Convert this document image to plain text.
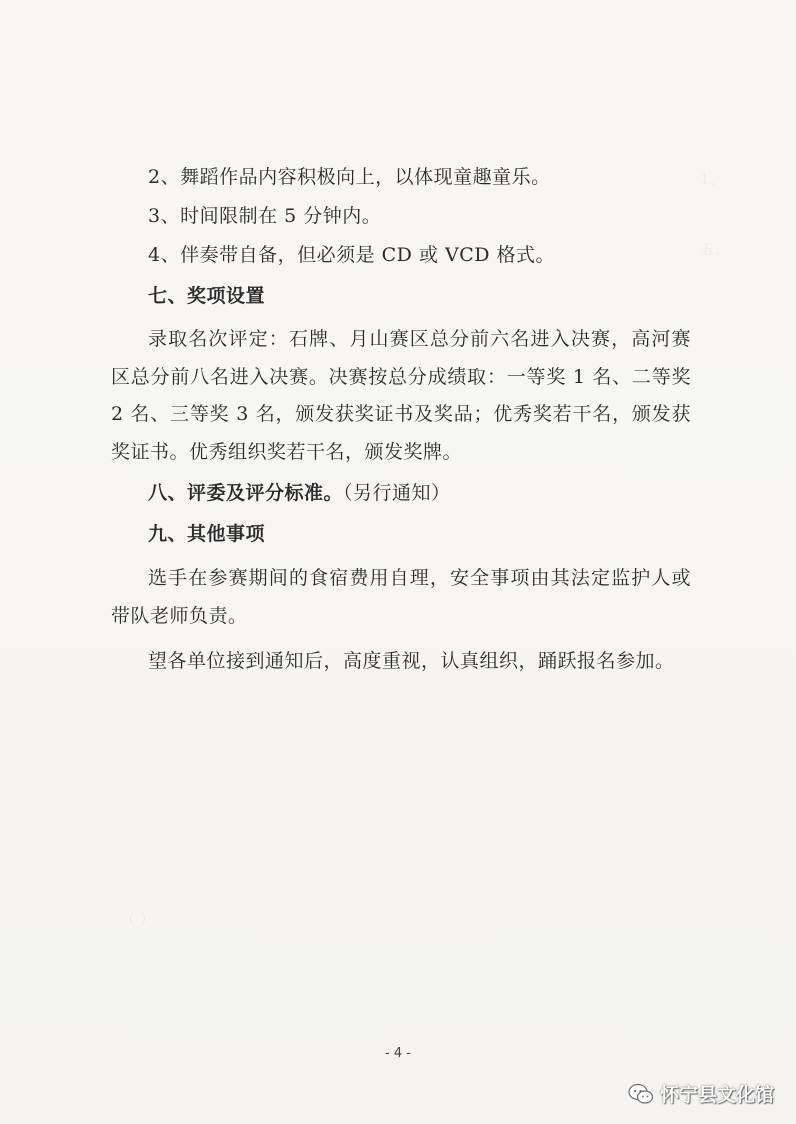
1、
五、
（ ）
2、舞蹈作品内容积极向上，以体现童趣童乐。
3、时间限制在 5 分钟内。
4、伴奏带自备，但必须是 CD 或 VCD 格式。
七、奖项设置

录取名次评定：石牌、月山赛区总分前六名进入决赛，高河赛区总分前八名进入决赛。决赛按总分成绩取：一等奖 1 名、二等奖 2 名、三等奖 3 名，颁发获奖证书及奖品；优秀奖若干名，颁发获奖证书。优秀组织奖若干名，颁发奖牌。

八、评委及评分标准。（另行通知）
九、其他事项

选手在参赛期间的食宿费用自理，安全事项由其法定监护人或带队老师负责。

望各单位接到通知后，高度重视，认真组织，踊跃报名参加。

- 4 -
怀宁县文化馆
